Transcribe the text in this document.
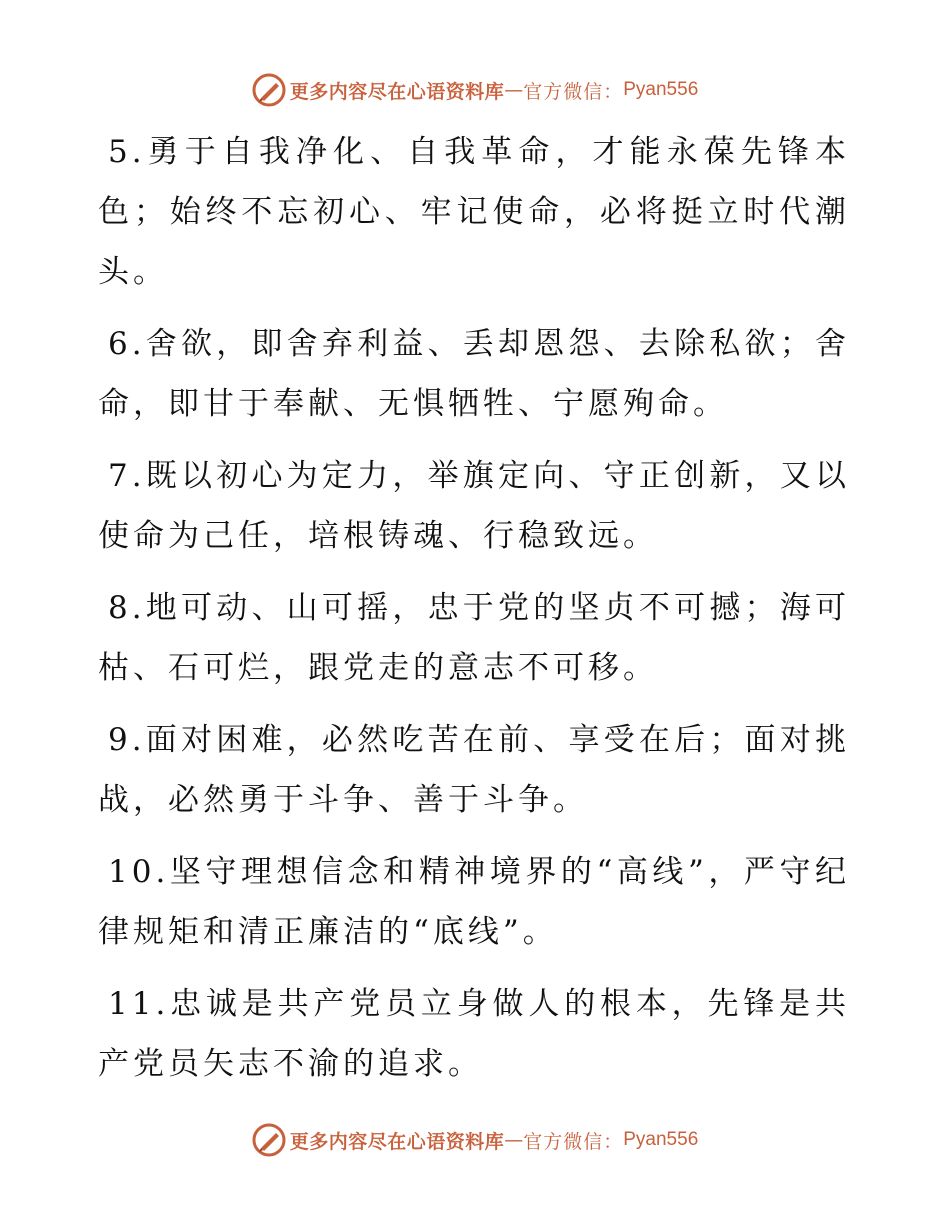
更多内容尽在心语资料库 — 官方微信： Pyan556

5.勇于自我净化、自我革命，才能永葆先锋本色；始终不忘初心、牢记使命，必将挺立时代潮头。

6.舍欲，即舍弃利益、丢却恩怨、去除私欲；舍命，即甘于奉献、无惧牺牲、宁愿殉命。

7.既以初心为定力，举旗定向、守正创新，又以使命为己任，培根铸魂、行稳致远。

8.地可动、山可摇，忠于党的坚贞不可撼；海可枯、石可烂，跟党走的意志不可移。

9.面对困难，必然吃苦在前、享受在后；面对挑战，必然勇于斗争、善于斗争。

10.坚守理想信念和精神境界的“高线”，严守纪律规矩和清正廉洁的“底线”。

11.忠诚是共产党员立身做人的根本，先锋是共产党员矢志不渝的追求。

更多内容尽在心语资料库 — 官方微信： Pyan556
